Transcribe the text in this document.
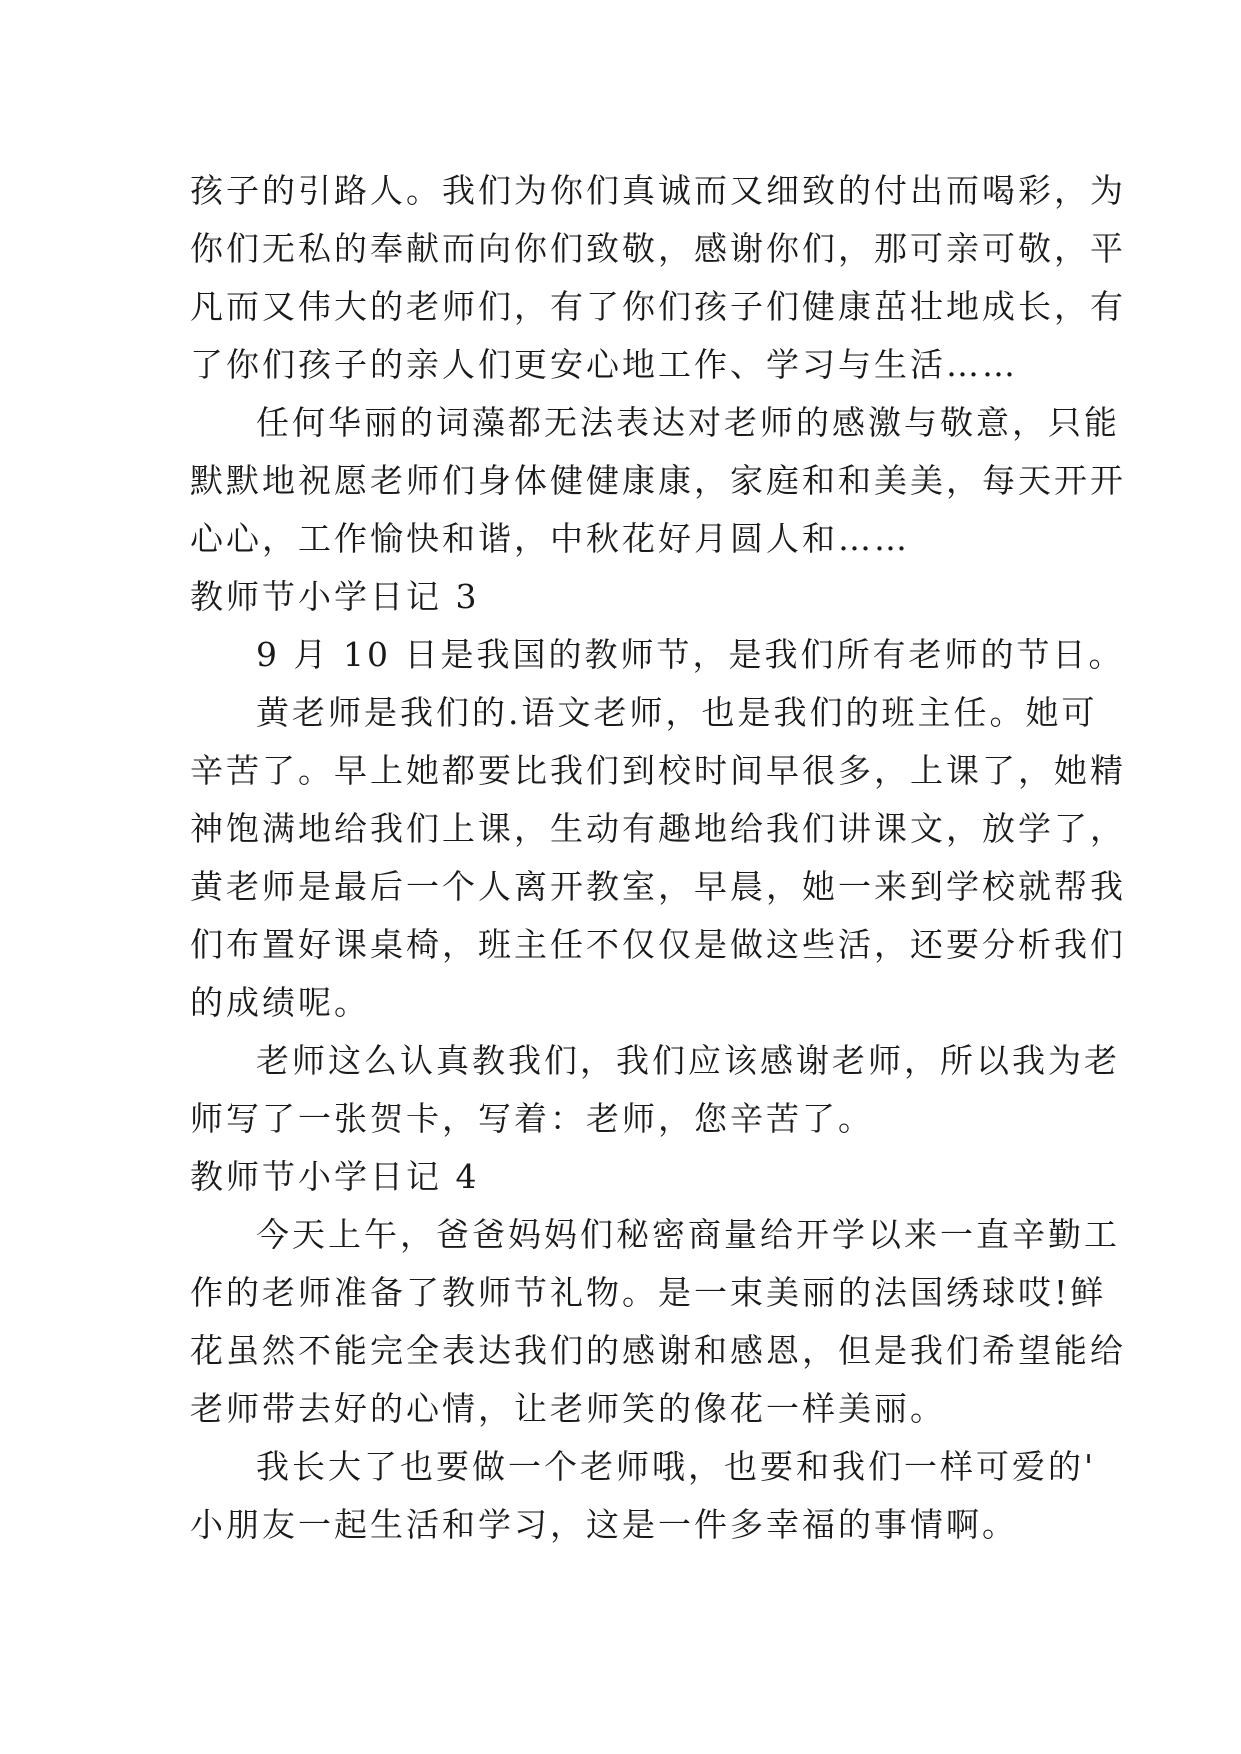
孩子的引路人。我们为你们真诚而又细致的付出而喝彩，为
你们无私的奉献而向你们致敬，感谢你们，那可亲可敬，平
凡而又伟大的老师们，有了你们孩子们健康茁壮地成长，有
了你们孩子的亲人们更安心地工作、学习与生活……
任何华丽的词藻都无法表达对老师的感激与敬意，只能
默默地祝愿老师们身体健健康康，家庭和和美美，每天开开
心心，工作愉快和谐，中秋花好月圆人和……
教师节小学日记 3
9 月 10 日是我国的教师节，是我们所有老师的节日。
黄老师是我们的.语文老师，也是我们的班主任。她可
辛苦了。早上她都要比我们到校时间早很多，上课了，她精
神饱满地给我们上课，生动有趣地给我们讲课文，放学了，
黄老师是最后一个人离开教室，早晨，她一来到学校就帮我
们布置好课桌椅，班主任不仅仅是做这些活，还要分析我们
的成绩呢。
老师这么认真教我们，我们应该感谢老师，所以我为老
师写了一张贺卡，写着：老师，您辛苦了。
教师节小学日记 4
今天上午，爸爸妈妈们秘密商量给开学以来一直辛勤工
作的老师准备了教师节礼物。是一束美丽的法国绣球哎!鲜
花虽然不能完全表达我们的感谢和感恩，但是我们希望能给
老师带去好的心情，让老师笑的像花一样美丽。
我长大了也要做一个老师哦，也要和我们一样可爱的'
小朋友一起生活和学习，这是一件多幸福的事情啊。
